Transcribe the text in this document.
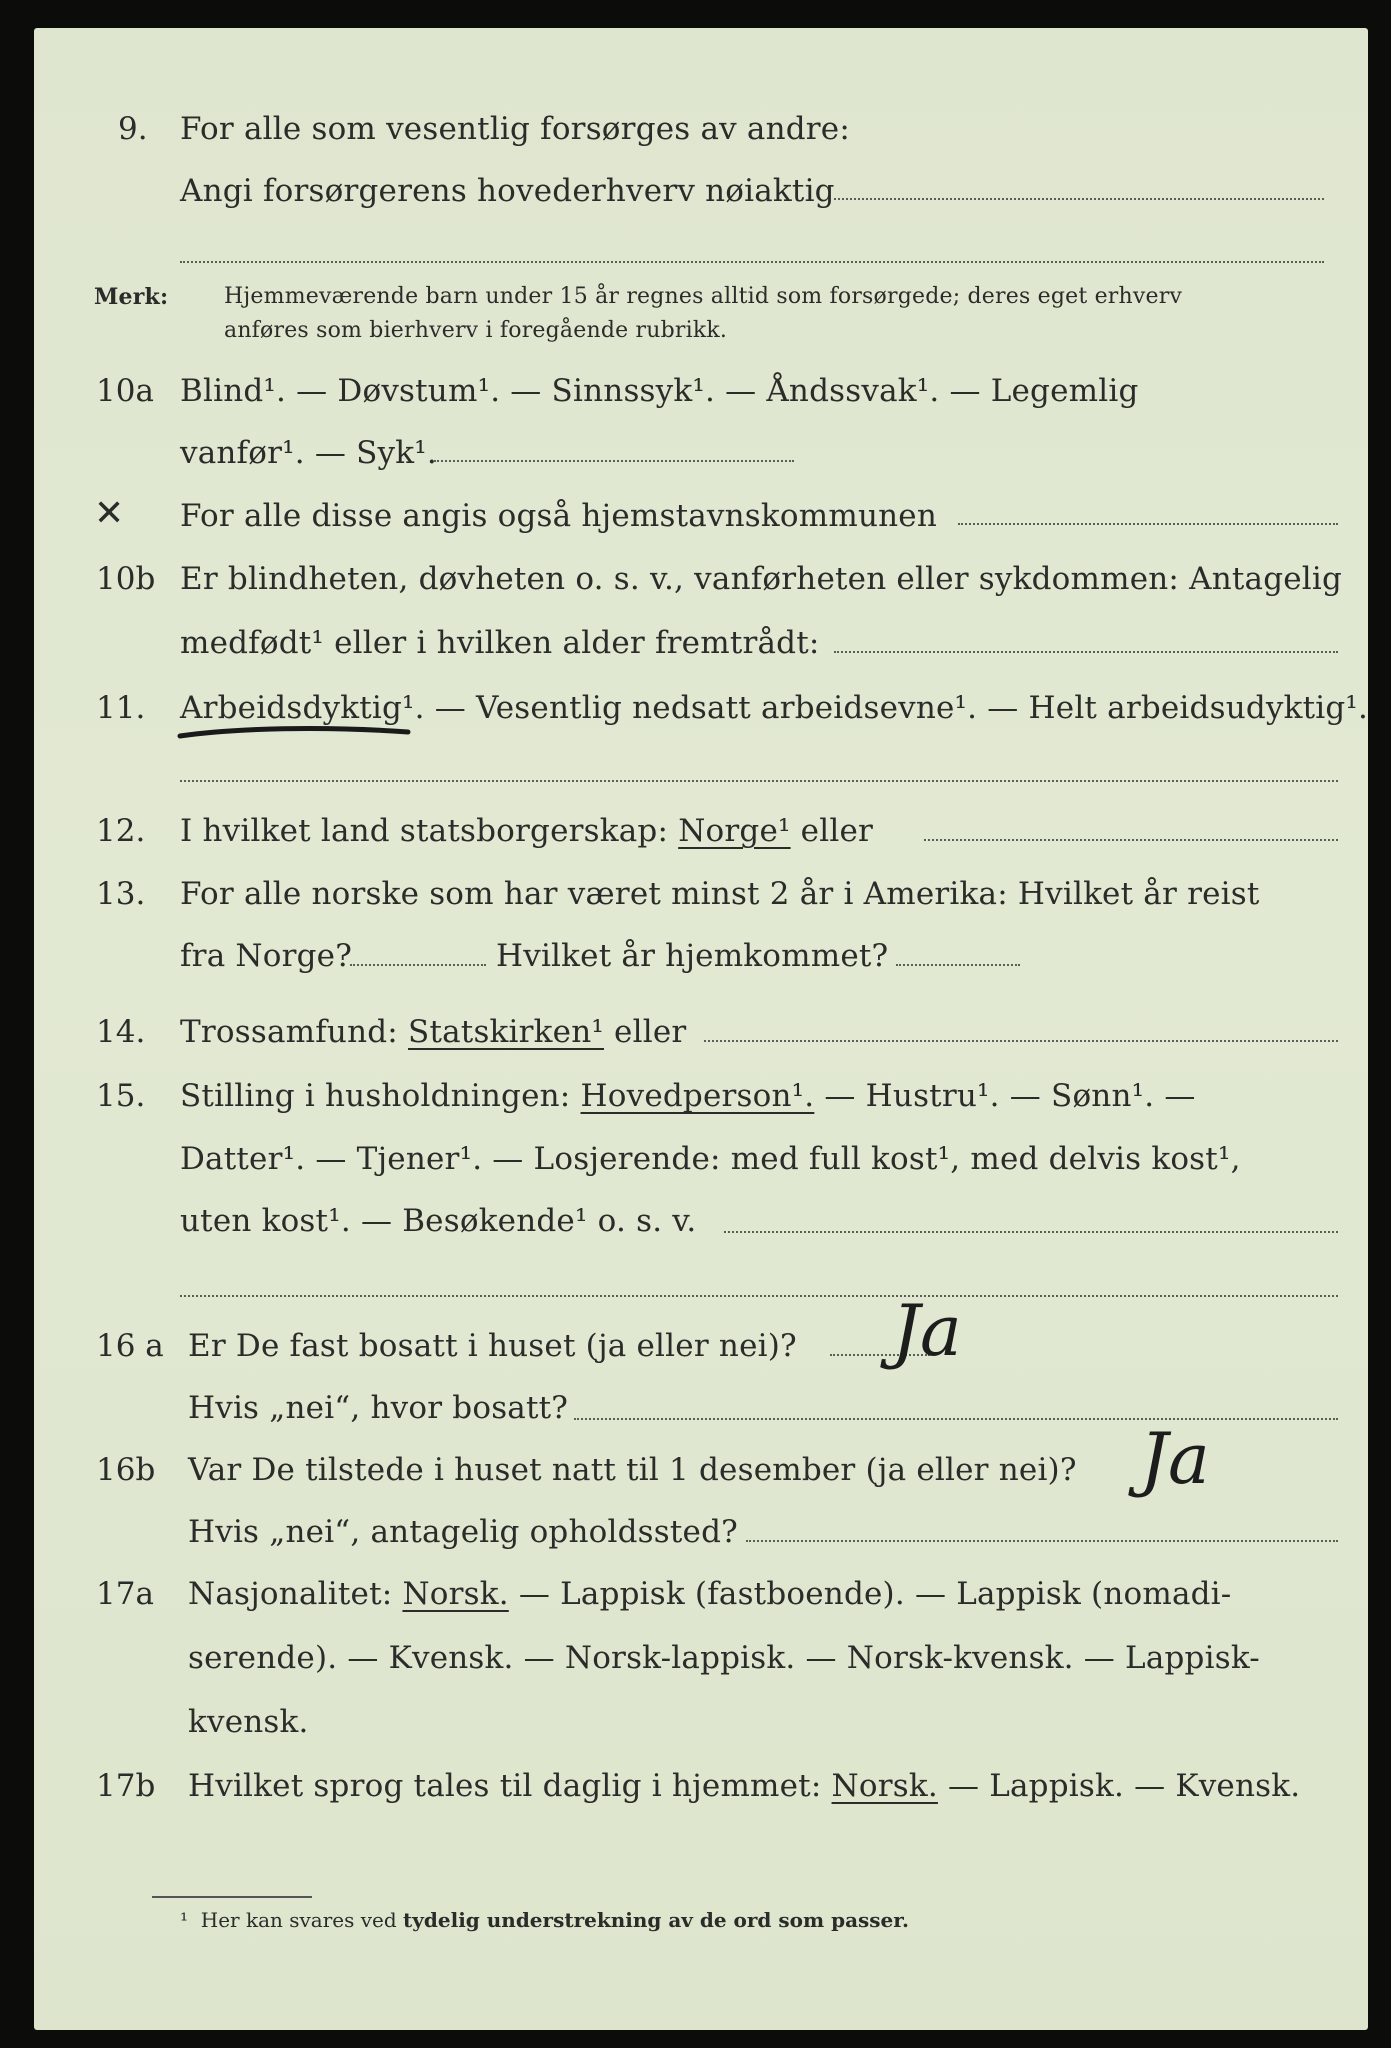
9. For alle som vesentlig forsørges av andre:
Angi forsørgerens hovederhverv nøiaktig
Merk:	Hjemmeværende barn under 15 år regnes alltid som forsørgede; deres eget erhverv
anføres som bierhverv i foregående rubrikk.
10a Blind¹. — Døvstum¹. — Sinnssyk¹. — Åndssvak¹. — Legemlig
vanfør¹. — Syk¹.
✕ For alle disse angis også hjemstavnskommunen
10b Er blindheten, døvheten o. s. v., vanførheten eller sykdommen: Antagelig
medfødt¹ eller i hvilken alder fremtrådt:
11. Arbeidsdyktig¹. — Vesentlig nedsatt arbeidsevne¹. — Helt arbeidsudyktig¹.
12. I hvilket land statsborgerskap: Norge¹ eller
13. For alle norske som har været minst 2 år i Amerika: Hvilket år reist
fra Norge?	Hvilket år hjemkommet?
14. Trossamfund: Statskirken¹ eller
15. Stilling i husholdningen: Hovedperson¹. — Hustru¹. — Sønn¹. —
Datter¹. — Tjener¹. — Losjerende: med full kost¹, med delvis kost¹,
uten kost¹. — Besøkende¹ o. s. v.
16 a Er De fast bosatt i huset (ja eller nei)? Ja
Hvis „nei“, hvor bosatt?
16b Var De tilstede i huset natt til 1 desember (ja eller nei)? Ja
Hvis „nei“, antagelig opholdssted?
17a Nasjonalitet: Norsk. — Lappisk (fastboende). — Lappisk (nomadi-
serende). — Kvensk. — Norsk-lappisk. — Norsk-kvensk. — Lappisk-
kvensk.
17b Hvilket sprog tales til daglig i hjemmet: Norsk. — Lappisk. — Kvensk.
¹ Her kan svares ved tydelig understrekning av de ord som passer.
